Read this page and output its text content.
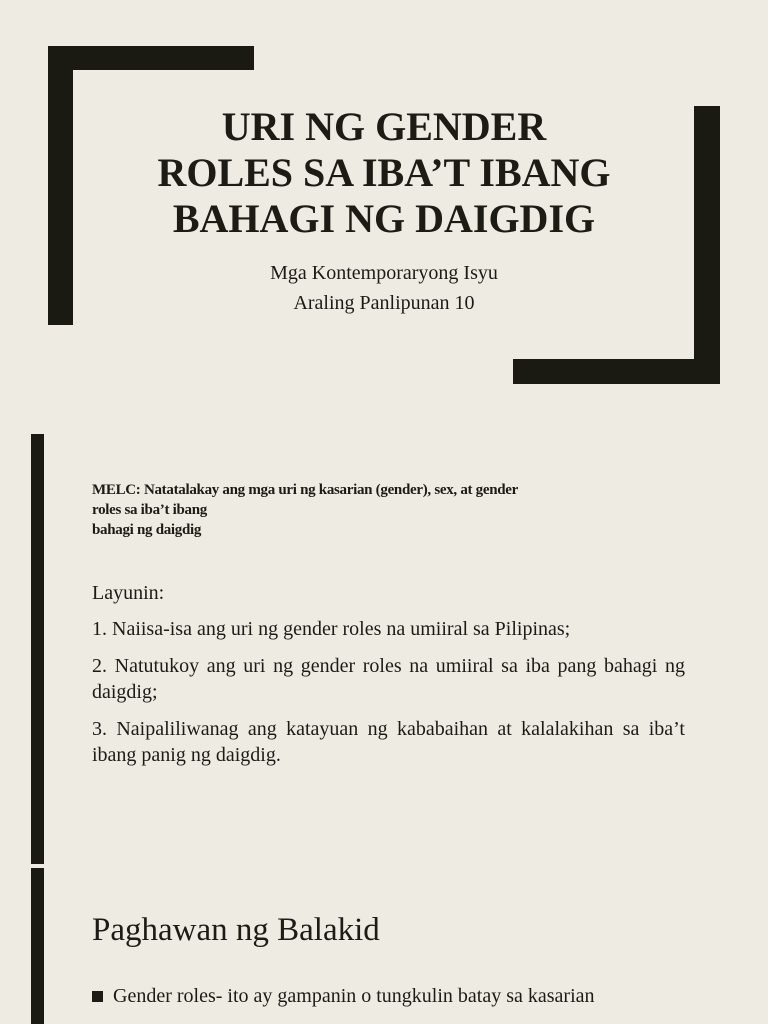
URI NG GENDER
ROLES SA IBA’T IBANG
BAHAGI NG DAIGDIG
Mga Kontemporaryong Isyu
Araling Panlipunan 10
MELC: Natatalakay ang mga uri ng kasarian (gender), sex, at gender
roles sa iba’t ibang
bahagi ng daigdig

Layunin:

1. Naiisa-isa ang uri ng gender roles na umiiral sa Pilipinas;

2. Natutukoy ang uri ng gender roles na umiiral sa iba pang bahagi ng daigdig;

3. Naipaliliwanag ang katayuan ng kababaihan at kalalakihan sa iba’t ibang panig ng daigdig.

Paghawan ng Balakid
Gender roles- ito ay gampanin o tungkulin batay sa kasarian
